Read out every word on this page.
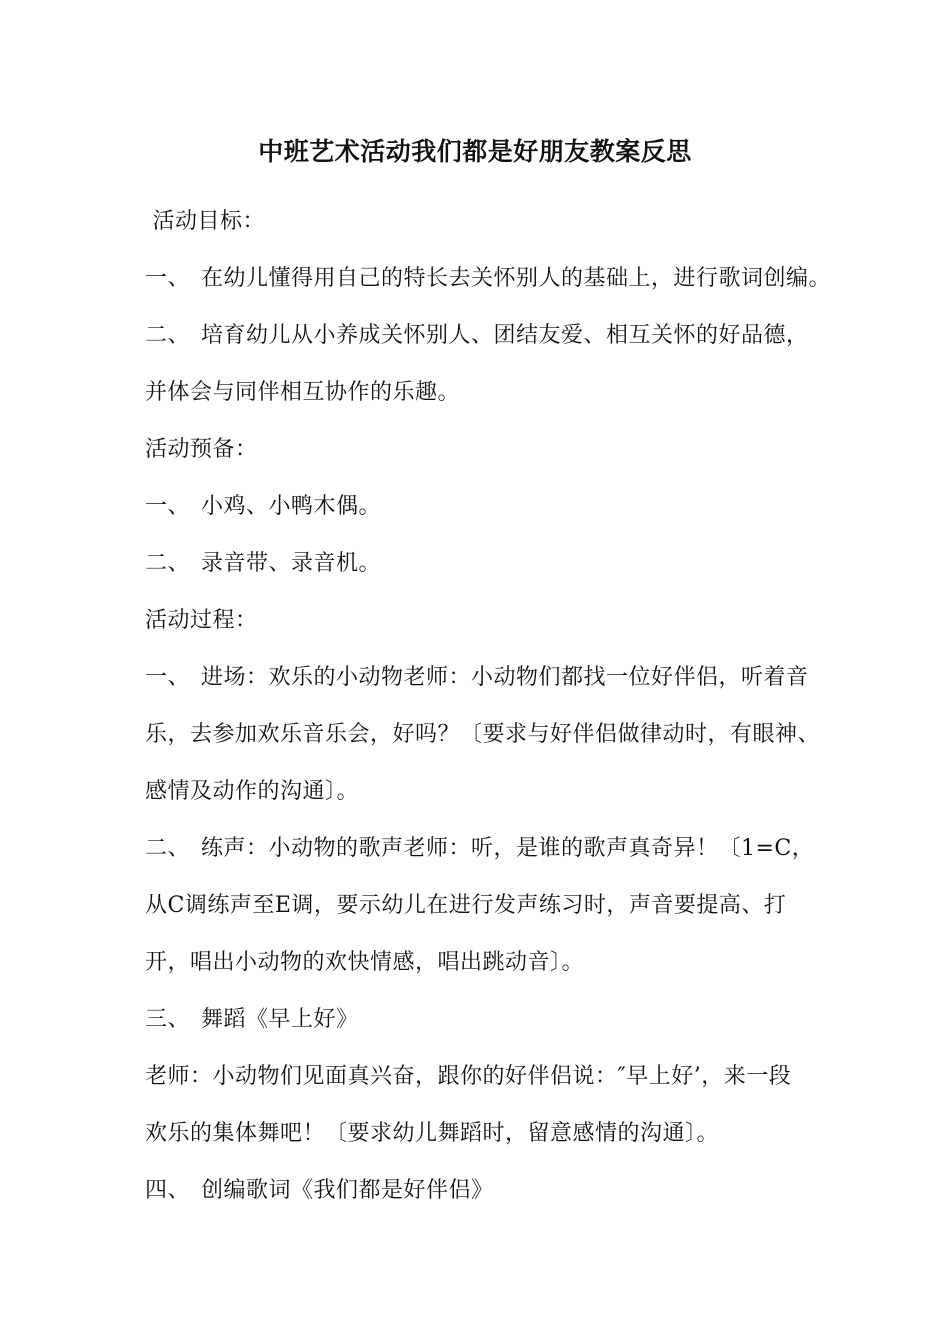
中班艺术活动我们都是好朋友教案反思
活动目标：
一、 在幼儿懂得用自己的特长去关怀别人的基础上，进行歌词创编。
二、 培育幼儿从小养成关怀别人、团结友爱、相互关怀的好品德，
并体会与同伴相互协作的乐趣。
活动预备：
一、 小鸡、小鸭木偶。
二、 录音带、录音机。
活动过程：
一、 进场：欢乐的小动物老师：小动物们都找一位好伴侣，听着音
乐，去参加欢乐音乐会，好吗？〔要求与好伴侣做律动时，有眼神、
感情及动作的沟通〕。
二、 练声：小动物的歌声老师：听，是谁的歌声真奇异！〔1=C，
从C调练声至E调，要示幼儿在进行发声练习时，声音要提高、打
开，唱出小动物的欢快情感，唱出跳动音〕。
三、 舞蹈《早上好》
老师：小动物们见面真兴奋，跟你的好伴侣说：″早上好’，来一段
欢乐的集体舞吧！〔要求幼儿舞蹈时，留意感情的沟通〕。
四、 创编歌词《我们都是好伴侣》
